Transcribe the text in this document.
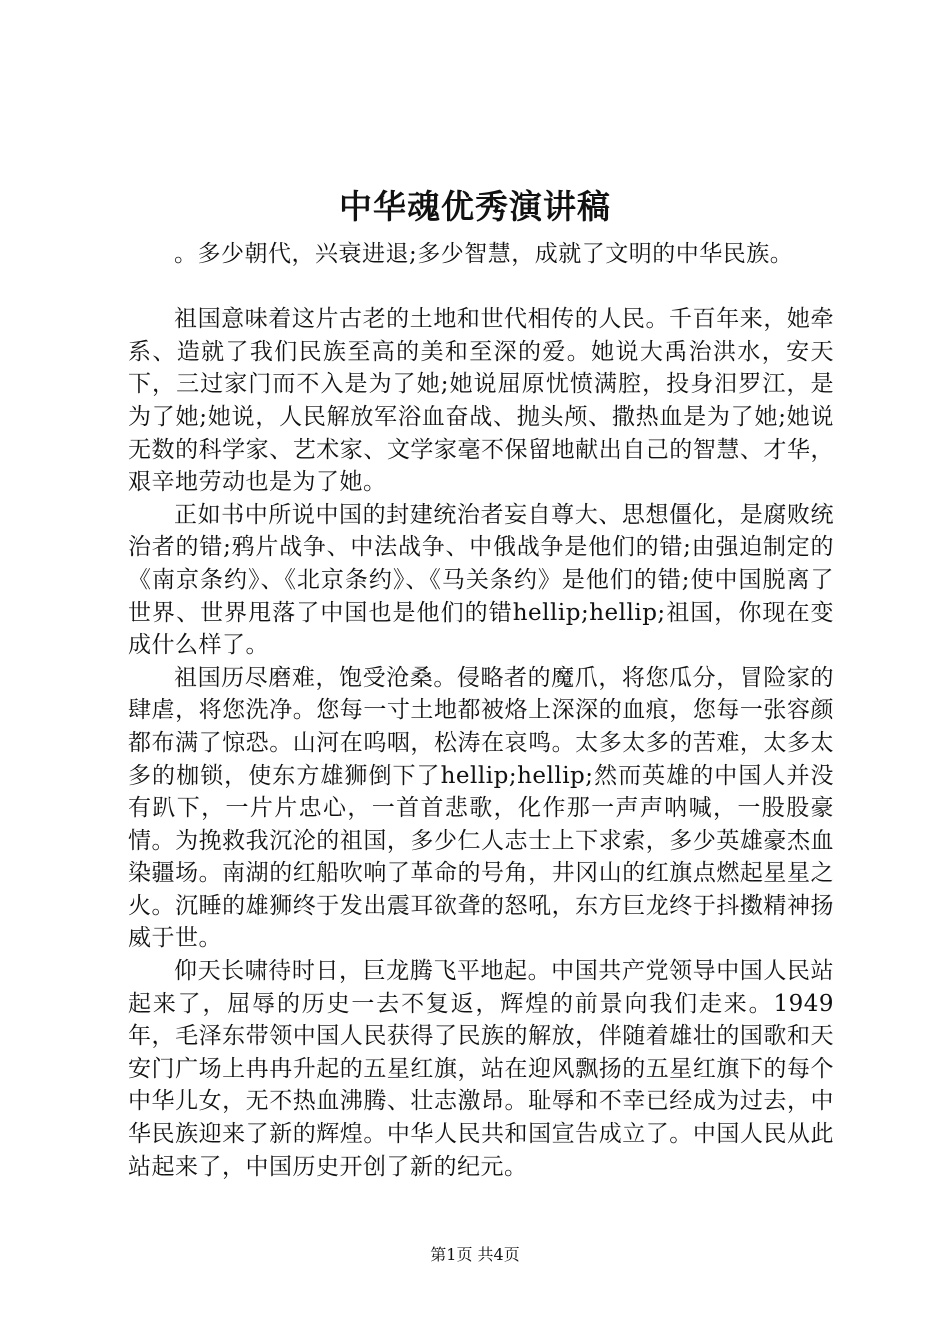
中华魂优秀演讲稿

。多少朝代，兴衰进退;多少智慧，成就了文明的中华民族。

祖国意味着这片古老的土地和世代相传的人民。千百年来，她牵系、造就了我们民族至高的美和至深的爱。她说大禹治洪水，安天下，三过家门而不入是为了她;她说屈原忧愤满腔，投身汨罗江，是为了她;她说，人民解放军浴血奋战、抛头颅、撒热血是为了她;她说无数的科学家、艺术家、文学家毫不保留地献出自己的智慧、才华，艰辛地劳动也是为了她。

正如书中所说中国的封建统治者妄自尊大、思想僵化，是腐败统治者的错;鸦片战争、中法战争、中俄战争是他们的错;由强迫制定的《南京条约》、《北京条约》、《马关条约》是他们的错;使中国脱离了世界、世界甩落了中国也是他们的错hellip;hellip;祖国，你现在变成什么样了。

祖国历尽磨难，饱受沧桑。侵略者的魔爪，将您瓜分，冒险家的肆虐，将您洗净。您每一寸土地都被烙上深深的血痕，您每一张容颜都布满了惊恐。山河在呜咽，松涛在哀鸣。太多太多的苦难，太多太多的枷锁，使东方雄狮倒下了hellip;hellip;然而英雄的中国人并没有趴下，一片片忠心，一首首悲歌，化作那一声声呐喊，一股股豪情。为挽救我沉沦的祖国，多少仁人志士上下求索，多少英雄豪杰血染疆场。南湖的红船吹响了革命的号角，井冈山的红旗点燃起星星之火。沉睡的雄狮终于发出震耳欲聋的怒吼，东方巨龙终于抖擞精神扬威于世。

仰天长啸待时日，巨龙腾飞平地起。中国共产党领导中国人民站起来了，屈辱的历史一去不复返，辉煌的前景向我们走来。1949年，毛泽东带领中国人民获得了民族的解放，伴随着雄壮的国歌和天安门广场上冉冉升起的五星红旗，站在迎风飘扬的五星红旗下的每个中华儿女，无不热血沸腾、壮志激昂。耻辱和不幸已经成为过去，中华民族迎来了新的辉煌。中华人民共和国宣告成立了。中国人民从此站起来了，中国历史开创了新的纪元。

第1页 共4页
